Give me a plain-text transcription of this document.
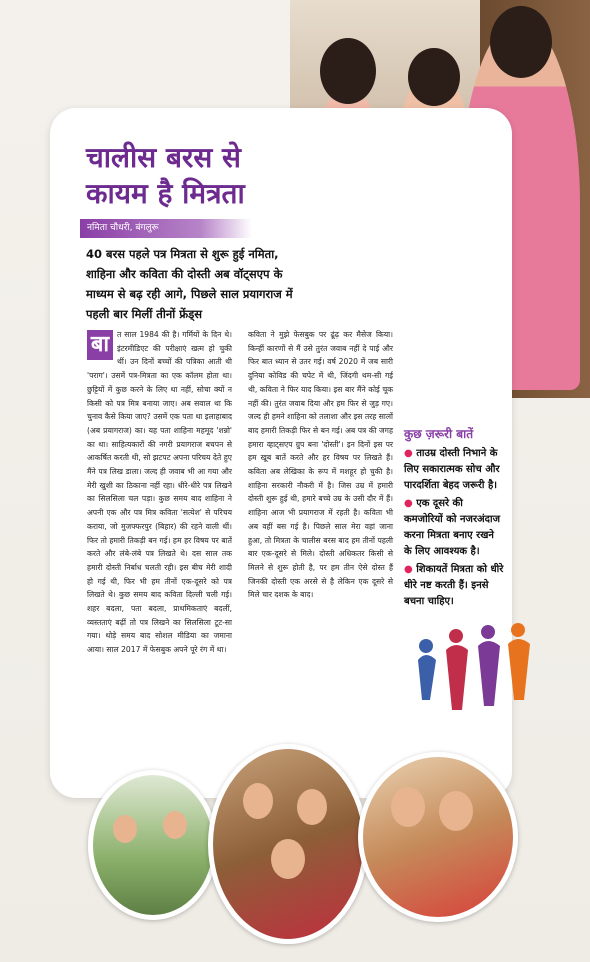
चालीस बरस से
कायम है मित्रता
नमिता चौधरी, बंगलुरू
40 बरस पहले पत्र मित्रता से शुरू हुई नमिता, शाहिना और कविता की दोस्ती अब वॉट्सएप के माध्यम से बढ़ रही आगे, पिछले साल प्रयागराज में पहली बार मिलीं तीनों फ्रेंड्स
बा	त साल 1984 की है। गर्मियों के दिन थे। इंटरमीडिएट की परीक्षाएं खत्म हो चुकी थीं। उन दिनों बच्चों की पत्रिका आती थी 'पराग'। उसमें पत्र-मित्रता का एक कॉलम होता था। छुट्टियों में कुछ करने के लिए था नहीं, सोचा क्यों न किसी को पत्र मित्र बनाया जाए। अब सवाल था कि चुनाव कैसे किया जाए? उसमें एक पता था इलाहाबाद (अब प्रयागराज) का। यह पता शाहिना महमूद 'शन्नो' का था। साहित्यकारों की नगरी प्रयागराज बचपन से आकर्षित करती थी, सो झटपट अपना परिचय देते हुए मैंने पत्र लिख डाला। जल्द ही जवाब भी आ गया और मेरी खुशी का ठिकाना नहीं रहा। धीरे-धीरे पत्र लिखने का सिलसिला चल पड़ा। कुछ समय बाद शाहिना ने अपनी एक और पत्र मित्र कविता 'सत्येश' से परिचय कराया, जो मुजफ्फरपुर (बिहार) की रहने वाली थीं। फिर तो हमारी तिकड़ी बन गई। हम हर विषय पर बातें करते और लंबे-लंबे पत्र लिखते थे। दस साल तक हमारी दोस्ती निर्बाध चलती रही। इस बीच मेरी शादी हो गई थी, फिर भी हम तीनों एक-दूसरे को पत्र लिखते थे। कुछ समय बाद कविता दिल्ली चली गई। शहर बदला, पता बदला, प्राथमिकताएं बदलीं, व्यस्तताएं बढ़ीं तो पत्र लिखने का सिलसिला टूट-सा गया। थोड़े समय बाद सोशल मीडिया का जमाना आया। साल 2017 में फेसबुक अपने पूरे रंग में था।
कविता ने मुझे फेसबुक पर ढूंढ़ कर मैसेज किया। किन्हीं कारणों से मैं उसे तुरंत जवाब नहीं दे पाई और फिर बात ध्यान से उतर गई। वर्ष 2020 में जब सारी दुनिया कोविड की चपेट में थी, जिंदगी थम-सी गई थी, कविता ने फिर याद किया। इस बार मैंने कोई चूक नहीं की। तुरंत जवाब दिया और हम फिर से जुड़ गए। जल्द ही हमने शाहिना को तलाशा और इस तरह सालों बाद हमारी तिकड़ी फिर से बन गई। अब पत्र की जगह हमारा व्हाट्सएप ग्रुप बना 'दोस्ती'। इन दिनों इस पर हम खूब बातें करते और हर विषय पर लिखते हैं। कविता अब लेखिका के रूप में मशहूर हो चुकी है। शाहिना सरकारी नौकरी में है। जिस उम्र में हमारी दोस्ती शुरू हुई थी, हमारे बच्चे उम्र के उसी दौर में हैं। शाहिना आज भी प्रयागराज में रहती है। कविता भी अब वहीं बस गई है। पिछले साल मेरा वहां जाना हुआ, तो मित्रता के चालीस बरस बाद हम तीनों पहली बार एक-दूसरे से मिले। दोस्ती अधिकतर किसी से मिलने से शुरू होती है, पर हम तीन ऐसे दोस्त हैं जिनकी दोस्ती एक अरसे से है लेकिन एक दूसरे से मिले चार दशक के बाद।
कुछ ज़रूरी बातें
● ताउम्र दोस्ती निभाने के लिए सकारात्मक सोच और पारदर्शिता बेहद जरूरी है।
● एक दूसरे की कमजोरियों को नजरअंदाज करना मित्रता बनाए रखने के लिए आवश्यक है।
● शिकायतें मित्रता को धीरे धीरे नष्ट करती हैं। इनसे बचना चाहिए।
